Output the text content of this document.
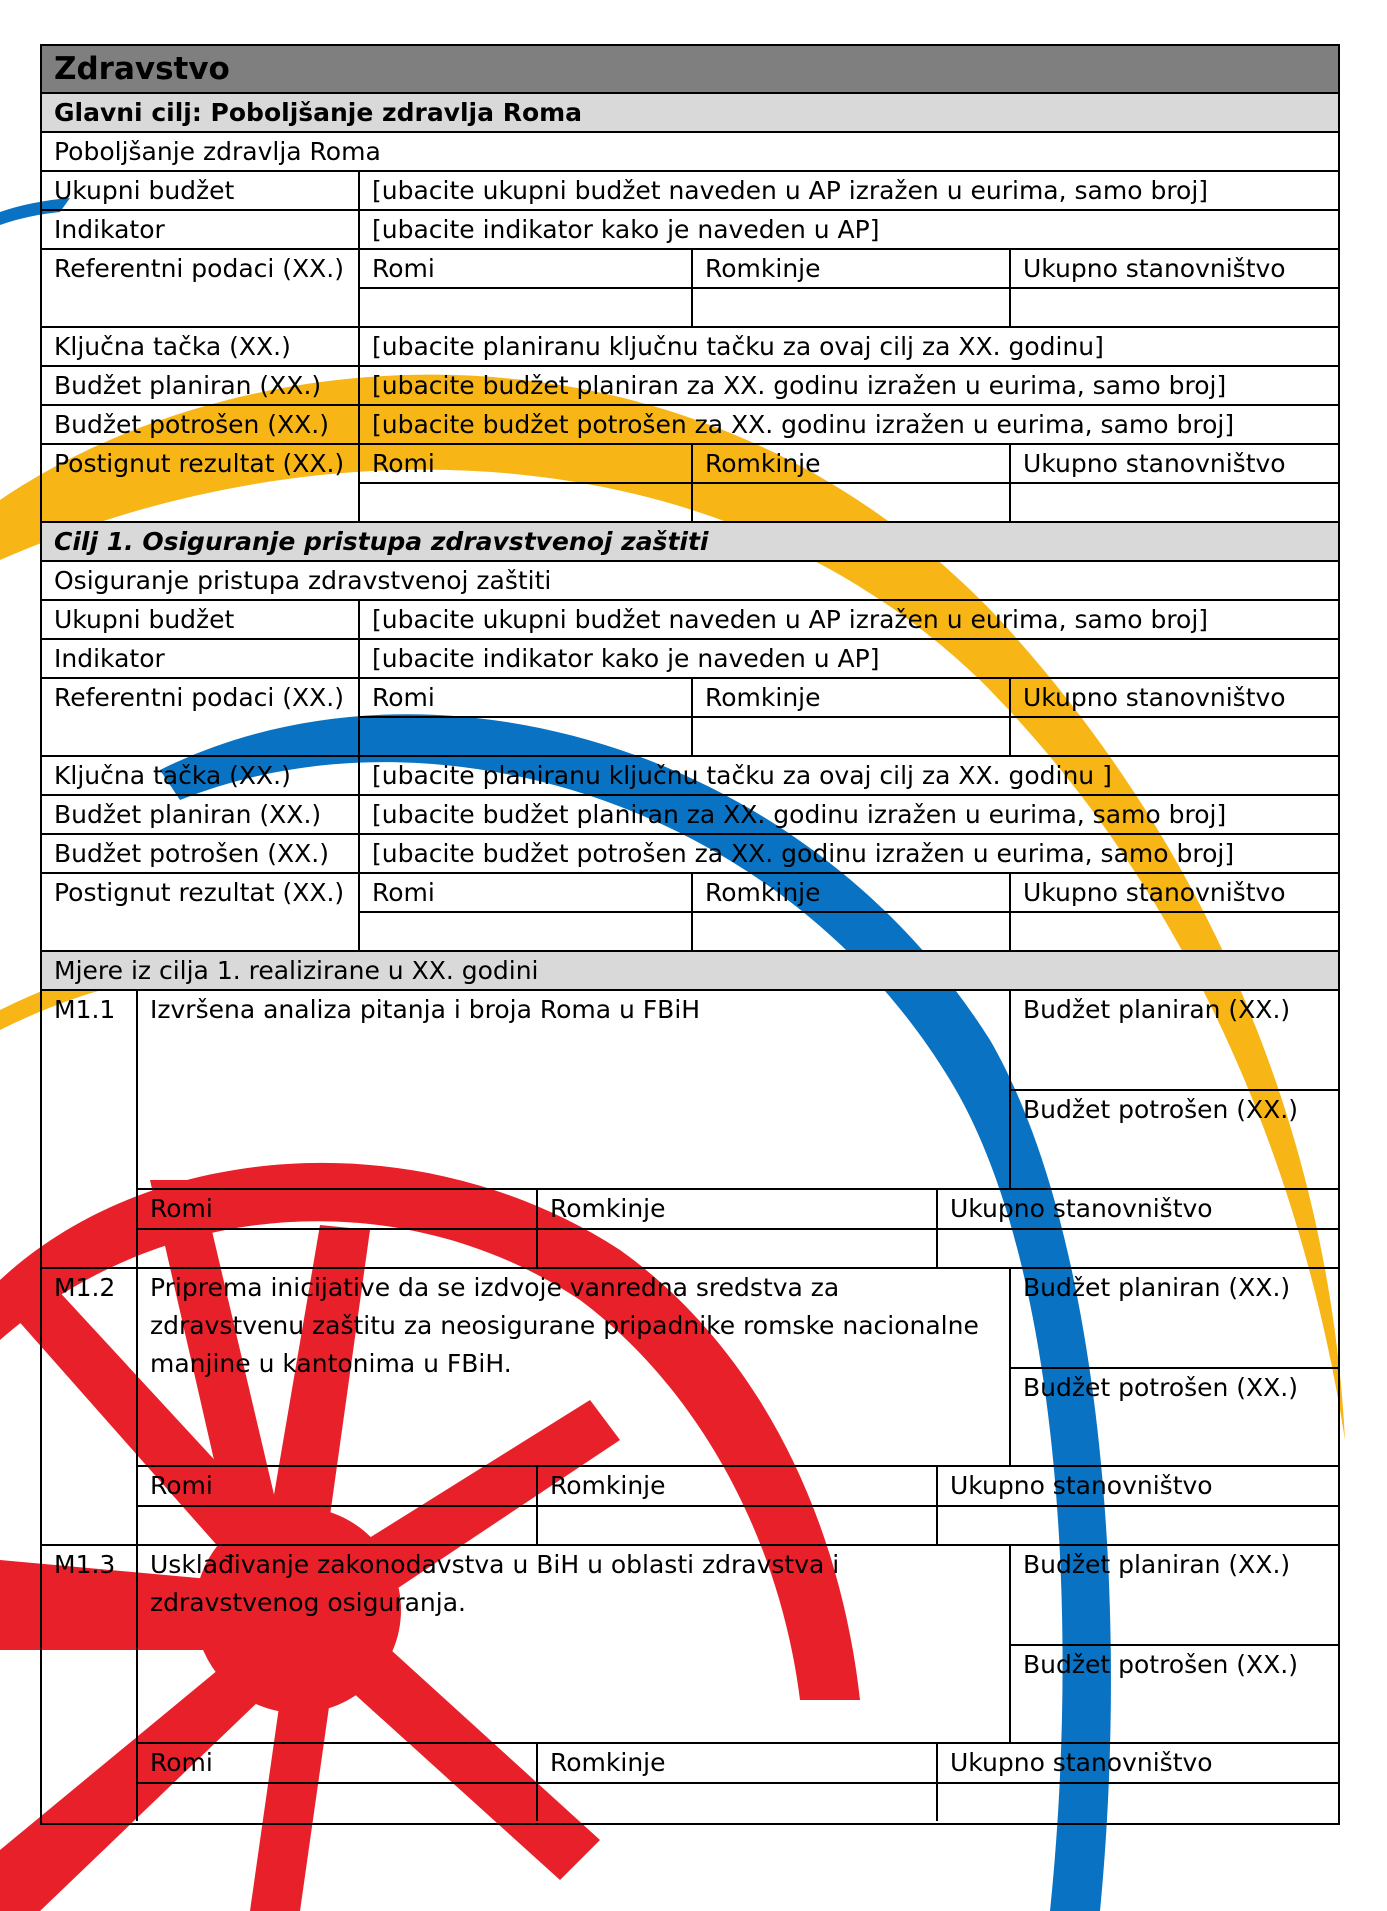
Zdravstvo
Glavni cilj: Poboljšanje zdravlja Roma
Poboljšanje zdravlja Roma
Ukupni budžet	[ubacite ukupni budžet naveden u AP izražen u eurima, samo broj]
Indikator	[ubacite indikator kako je naveden u AP]
Referentni podaci (XX.)	Romi	Romkinje	Ukupno stanovništvo
Ključna tačka (XX.)	[ubacite planiranu ključnu tačku za ovaj cilj za XX. godinu]
Budžet planiran (XX.)	[ubacite budžet planiran za XX. godinu izražen u eurima, samo broj]
Budžet potrošen (XX.)	[ubacite budžet potrošen za XX. godinu izražen u eurima, samo broj]
Postignut rezultat (XX.)	Romi	Romkinje	Ukupno stanovništvo
Cilj 1. Osiguranje pristupa zdravstvenoj zaštiti
Osiguranje pristupa zdravstvenoj zaštiti
Ukupni budžet	[ubacite ukupni budžet naveden u AP izražen u eurima, samo broj]
Indikator	[ubacite indikator kako je naveden u AP]
Referentni podaci (XX.)	Romi	Romkinje	Ukupno stanovništvo
Ključna tačka (XX.)	[ubacite planiranu ključnu tačku za ovaj cilj za XX. godinu ]
Budžet planiran (XX.)	[ubacite budžet planiran za XX. godinu izražen u eurima, samo broj]
Budžet potrošen (XX.)	[ubacite budžet potrošen za XX. godinu izražen u eurima, samo broj]
Postignut rezultat (XX.)	Romi	Romkinje	Ukupno stanovništvo
Mjere iz cilja 1. realizirane u XX. godini
M1.1	Izvršena analiza pitanja i broja Roma u FBiH	Budžet planiran (XX.)
Budžet potrošen (XX.)
Romi	Romkinje	Ukupno stanovništvo
M1.2	Priprema inicijative da se izdvoje vanredna sredstva za zdravstvenu zaštitu za neosigurane pripadnike romske nacionalne manjine u kantonima u FBiH.
Budžet planiran (XX.)
Budžet potrošen (XX.)
Romi	Romkinje	Ukupno stanovništvo
M1.3	Usklađivanje zakonodavstva u BiH u oblasti zdravstva i zdravstvenog osiguranja.
Budžet planiran (XX.)
Budžet potrošen (XX.)
Romi	Romkinje	Ukupno stanovništvo
